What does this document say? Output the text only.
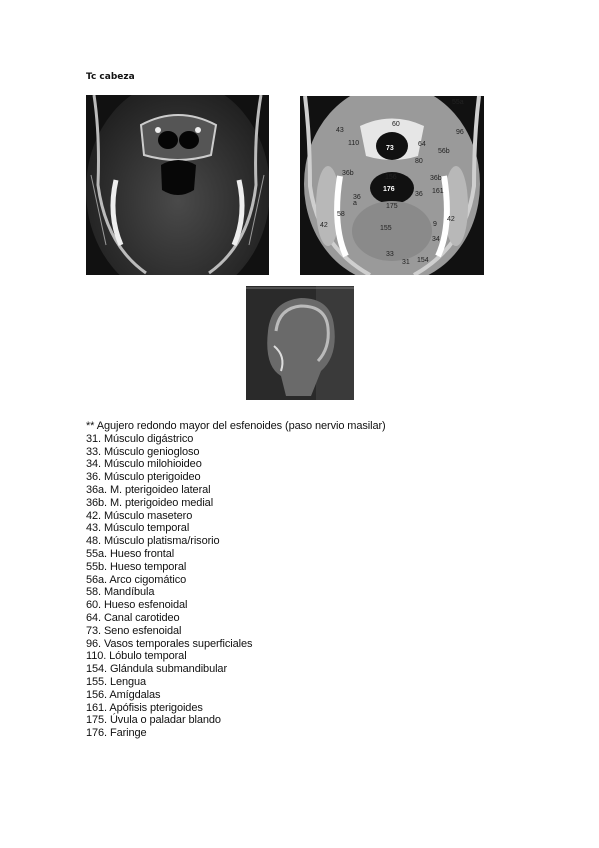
Tc cabeza
55a
43
60
96
110
73
64
56b
80
36b
156	36b
176	161
36
a
36
175
58
42	155
9
42
34
33
31 154
** Agujero redondo mayor del esfenoides (paso nervio masilar)
31. Músculo digástrico
33. Músculo geniogloso
34. Músculo milohioideo
36. Músculo pterigoideo
36a. M. pterigoideo lateral
36b. M. pterigoideo medial
42. Músculo masetero
43. Músculo temporal
48. Músculo platisma/risorio
55a. Hueso frontal
55b. Hueso temporal
56a. Arco cigomático
58. Mandíbula
60. Hueso esfenoidal
64. Canal carotideo
73. Seno esfenoidal
96. Vasos temporales superficiales
110. Lóbulo temporal
154. Glándula submandibular
155. Lengua
156. Amígdalas
161. Apófisis pterigoides
175. Úvula o paladar blando
176. Faringe
